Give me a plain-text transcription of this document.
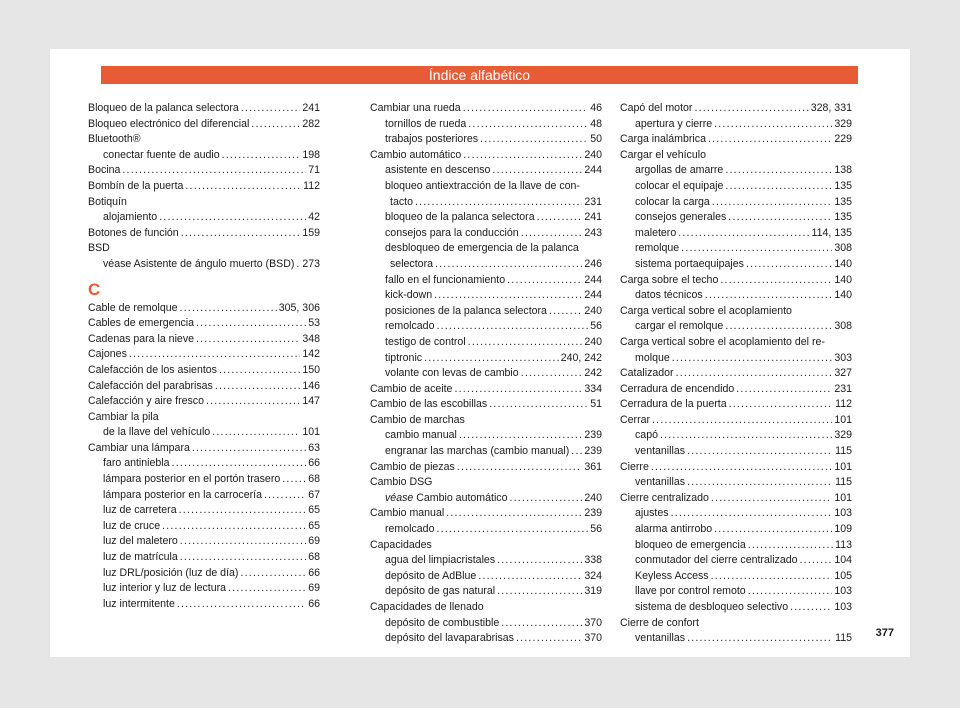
Índice alfabético
Bloqueo de la palanca selectora .....	241
Bloqueo electrónico del diferencial .....	282
Bluetooth®
conectar fuente de audio .....	198
Bocina .....	71
Bombín de la puerta .....	112
Botiquín
alojamiento .....	42
Botones de función .....	159
BSD
véase Asistente de ángulo muerto (BSD) ..... 273
C
Cable de remolque .....	305, 306
Cables de emergencia .....	53
Cadenas para la nieve .....	348
Cajones .....	142
Calefacción de los asientos .....	150
Calefacción del parabrisas .....	146
Calefacción y aire fresco .....	147
Cambiar la pila
de la llave del vehículo .....	101
Cambiar una lámpara .....	63
faro antiniebla .....	66
lámpara posterior en el portón trasero .....	68
lámpara posterior en la carrocería .....	67
luz de carretera .....	65
luz de cruce .....	65
luz del maletero .....	69
luz de matrícula .....	68
luz DRL/posición (luz de día) .....	66
luz interior y luz de lectura .....	69
luz intermitente .....	66
Cambiar una rueda .....	46
tornillos de rueda .....	48
trabajos posteriores .....	50
Cambio automático .....	240
asistente en descenso .....	244
bloqueo antiextracción de la llave de con-
tacto .....	231
bloqueo de la palanca selectora .....	241
consejos para la conducción .....	243
desbloqueo de emergencia de la palanca
selectora .....	246
fallo en el funcionamiento .....	244
kick-down .....	244
posiciones de la palanca selectora .....	240
remolcado .....	56
testigo de control .....	240
tiptronic .....	240, 242
volante con levas de cambio .....	242
Cambio de aceite .....	334
Cambio de las escobillas .....	51
Cambio de marchas
cambio manual .....	239
engranar las marchas (cambio manual) ..... 239
Cambio de piezas .....	361
Cambio DSG
véase Cambio automático .....	240
Cambio manual .....	239
remolcado .....	56
Capacidades
agua del limpiacristales .....	338
depósito de AdBlue .....	324
depósito de gas natural .....	319
Capacidades de llenado
depósito de combustible .....	370
depósito del lavaparabrisas .....	370
Capó del motor .....	328, 331
apertura y cierre .....	329
Carga inalámbrica .....	229
Cargar el vehículo
argollas de amarre .....	138
colocar el equipaje .....	135
colocar la carga .....	135
consejos generales .....	135
maletero .....	114, 135
remolque .....	308
sistema portaequipajes .....	140
Carga sobre el techo .....	140
datos técnicos .....	140
Carga vertical sobre el acoplamiento
cargar el remolque .....	308
Carga vertical sobre el acoplamiento del re-
molque .....	303
Catalizador .....	327
Cerradura de encendido .....	231
Cerradura de la puerta .....	112
Cerrar .....	101
capó .....	329
ventanillas .....	115
Cierre .....	101
ventanillas .....	115
Cierre centralizado .....	101
ajustes .....	103
alarma antirrobo .....	109
bloqueo de emergencia .....	113
conmutador del cierre centralizado .....	104
Keyless Access .....	105
llave por control remoto .....	103
sistema de desbloqueo selectivo .....	103
Cierre de confort
ventanillas .....	115 377
